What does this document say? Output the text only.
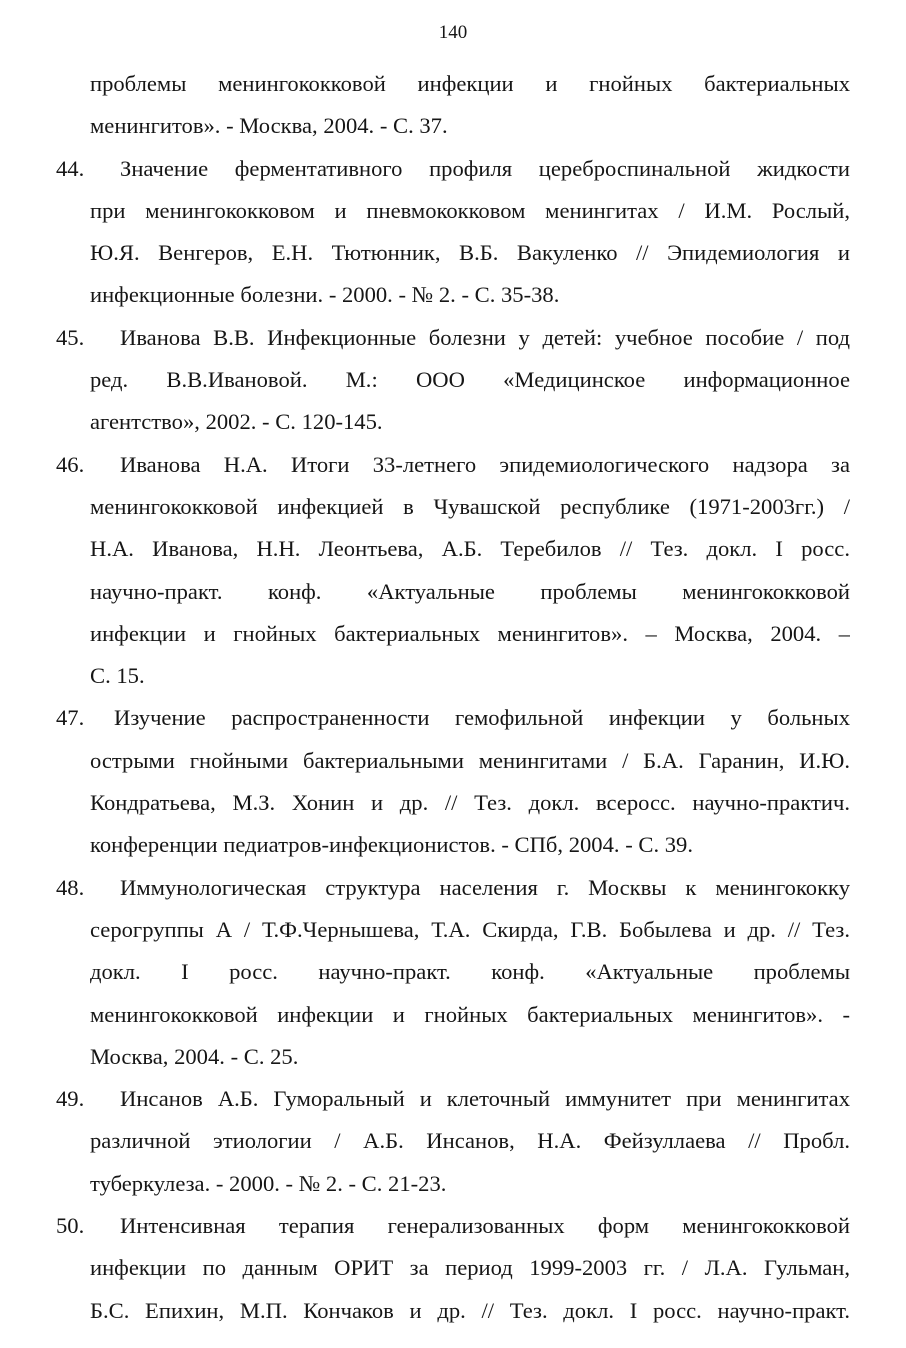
140
проблемы менингококковой инфекции и гнойных бактериальных
менингитов». - Москва, 2004. - С. 37.
44. Значение ферментативного профиля цереброспинальной жидкости
при менингококковом и пневмококковом менингитах / И.М. Рослый,
Ю.Я. Венгеров, Е.Н. Тютюнник, В.Б. Вакуленко // Эпидемиология и
инфекционные болезни. - 2000. - № 2. - С. 35-38.
45. Иванова В.В. Инфекционные болезни у детей: учебное пособие / под
ред. В.В.Ивановой. М.: ООО «Медицинское информационное
агентство», 2002. - С. 120-145.
46. Иванова Н.А. Итоги 33-летнего эпидемиологического надзора за
менингококковой инфекцией в Чувашской республике (1971-2003гг.) /
Н.А. Иванова, Н.Н. Леонтьева, А.Б. Теребилов // Тез. докл. I росс.
научно-практ. конф. «Актуальные проблемы менингококковой
инфекции и гнойных бактериальных менингитов». – Москва, 2004. –
С. 15.
47. Изучение распространенности гемофильной инфекции у больных
острыми гнойными бактериальными менингитами / Б.А. Гаранин, И.Ю.
Кондратьева, М.З. Хонин и др. // Тез. докл. всеросс. научно-практич.
конференции педиатров-инфекционистов. - СПб, 2004. - С. 39.
48. Иммунологическая структура населения г. Москвы к менингококку
серогруппы А / Т.Ф.Чернышева, Т.А. Скирда, Г.В. Бобылева и др. // Тез.
докл. I росс. научно-практ. конф. «Актуальные проблемы
менингококковой инфекции и гнойных бактериальных менингитов». -
Москва, 2004. - С. 25.
49. Инсанов А.Б. Гуморальный и клеточный иммунитет при менингитах
различной этиологии / А.Б. Инсанов, Н.А. Фейзуллаева // Пробл.
туберкулеза. - 2000. - № 2. - С. 21-23.
50. Интенсивная терапия генерализованных форм менингококковой
инфекции по данным ОРИТ за период 1999-2003 гг. / Л.А. Гульман,
Б.С. Епихин, М.П. Кончаков и др. // Тез. докл. I росс. научно-практ.
